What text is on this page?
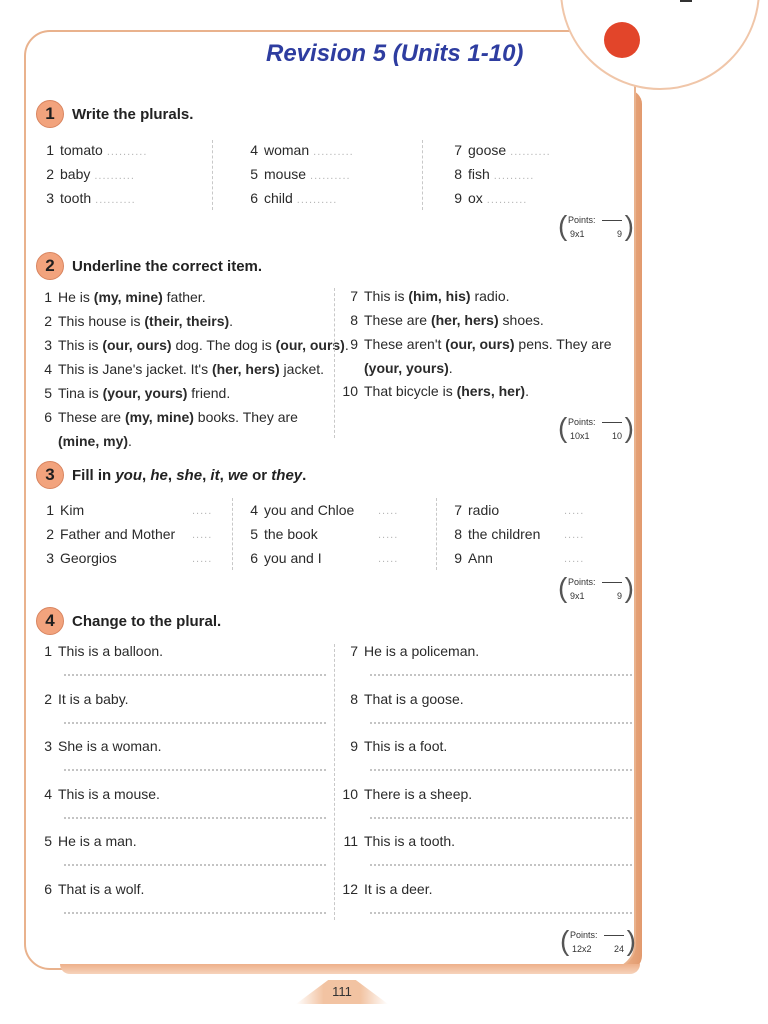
Revision 5 (Units 1-10)
1	Write the plurals.
1 tomato ..........
2 baby ..........
3 tooth ..........
4 woman ..........
5 mouse ..........
6 child ..........
7 goose ..........
8 fish ..........
9 ox ..........
( )
Points:
9x1	9
2	Underline the correct item.
1 He is (my, mine) father.
2 This house is (their, theirs).
3 This is (our, ours) dog. The dog is (our, ours).
4 This is Jane's jacket. It's (her, hers) jacket.
5 Tina is (your, yours) friend.
6 These are (my, mine) books. They are
(mine, my).
7 This is (him, his) radio.
8 These are (her, hers) shoes.
9 These aren't (our, ours) pens. They are
(your, yours).
10 That bicycle is (hers, her).
( )
Points:
10x1 10
3	Fill in you, he, she, it, we or they.
1 Kim	.....
2 Father and Mother .....
3 Georgios	.....
4 you and Chloe .....
5 the book	.....
6 you and I	.....
7 radio	.....
8 the children .....
9 Ann	.....
( )
Points:
9x1	9
4	Change to the plural.
1 This is a balloon.
2 It is a baby.
3 She is a woman.
4 This is a mouse.
5 He is a man.
6 That is a wolf.
7 He is a policeman.
8 That is a goose.
9 This is a foot.
10 There is a sheep.
11 This is a tooth.
12 It is a deer.
( )
Points:
12x2 24
111
